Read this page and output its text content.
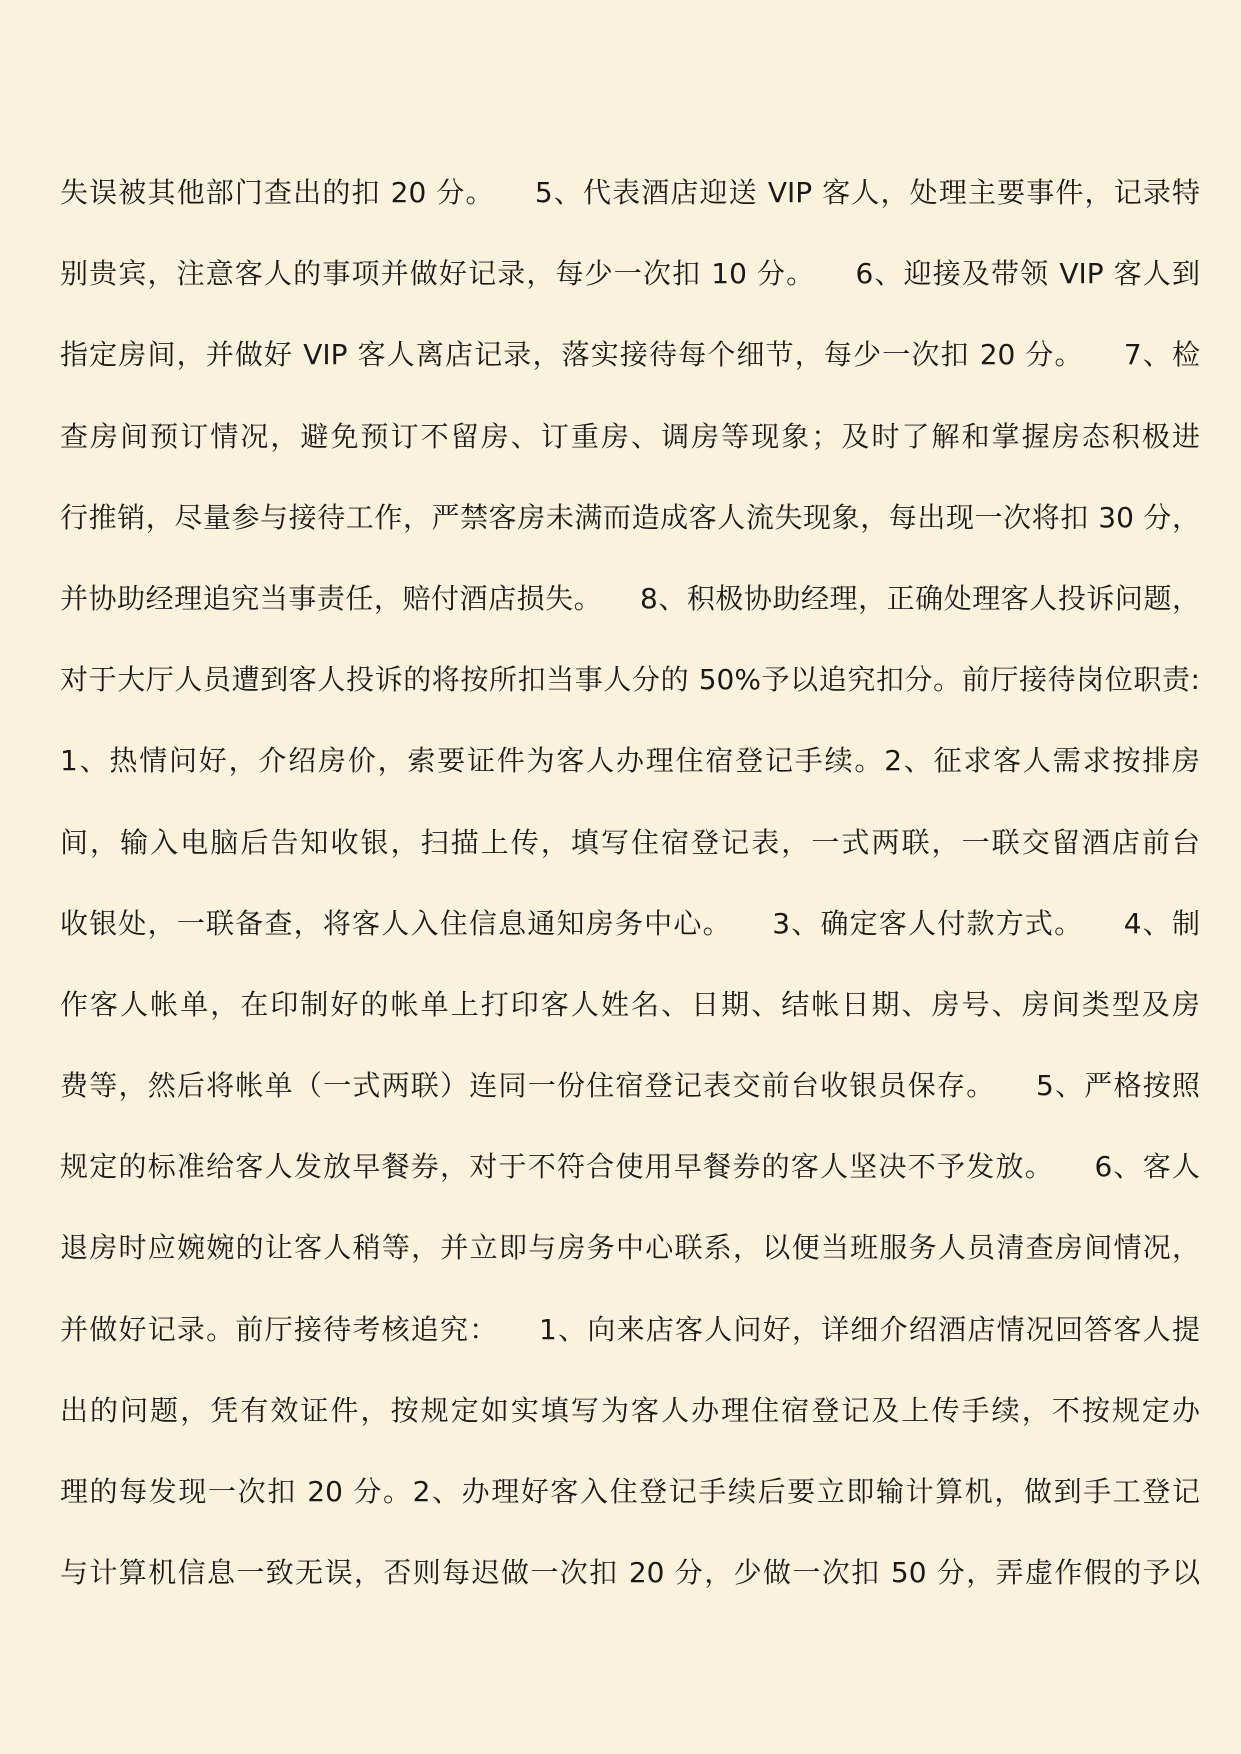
失误被其他部门查出的扣 20 分。    5、代表酒店迎送 VIP 客人，处理主要事件，记录特
别贵宾，注意客人的事项并做好记录，每少一次扣 10 分。    6、迎接及带领 VIP 客人到
指定房间，并做好 VIP 客人离店记录，落实接待每个细节，每少一次扣 20 分。    7、检
查房间预订情况，避免预订不留房、订重房、调房等现象；及时了解和掌握房态积极进
行推销，尽量参与接待工作，严禁客房未满而造成客人流失现象，每出现一次将扣 30 分，
并协助经理追究当事责任，赔付酒店损失。    8、积极协助经理，正确处理客人投诉问题，
对于大厅人员遭到客人投诉的将按所扣当事人分的 50%予以追究扣分。前厅接待岗位职责:
1、热情问好，介绍房价，索要证件为客人办理住宿登记手续。2、征求客人需求按排房
间，输入电脑后告知收银，扫描上传，填写住宿登记表，一式两联，一联交留酒店前台
收银处，一联备查，将客人入住信息通知房务中心。    3、确定客人付款方式。    4、制
作客人帐单，在印制好的帐单上打印客人姓名、日期、结帐日期、房号、房间类型及房
费等，然后将帐单（一式两联）连同一份住宿登记表交前台收银员保存。    5、严格按照
规定的标准给客人发放早餐券，对于不符合使用早餐券的客人坚决不予发放。    6、客人
退房时应婉婉的让客人稍等，并立即与房务中心联系，以便当班服务人员清查房间情况，
并做好记录。前厅接待考核追究：    1、向来店客人问好，详细介绍酒店情况回答客人提
出的问题，凭有效证件，按规定如实填写为客人办理住宿登记及上传手续，不按规定办
理的每发现一次扣 20 分。2、办理好客入住登记手续后要立即输计算机，做到手工登记
与计算机信息一致无误，否则每迟做一次扣 20 分，少做一次扣 50 分，弄虚作假的予以
